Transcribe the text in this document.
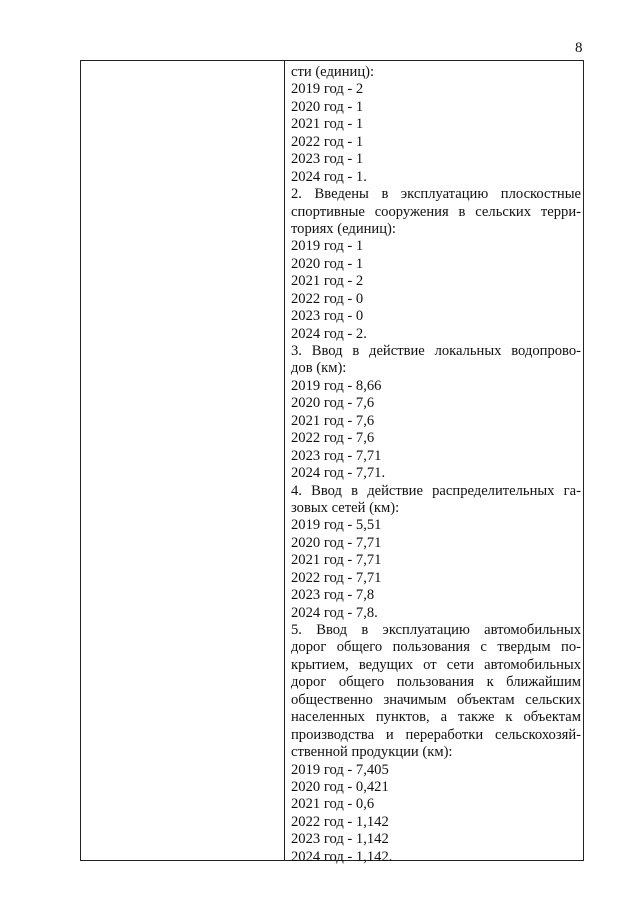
8
сти (единиц):
2019 год - 2
2020 год - 1
2021 год - 1
2022 год - 1
2023 год - 1
2024 год - 1.
2. Введены в эксплуатацию плоскостные
спортивные сооружения в сельских терри-
ториях (единиц):
2019 год - 1
2020 год - 1
2021 год - 2
2022 год - 0
2023 год - 0
2024 год - 2.
3. Ввод в действие локальных водопрово-
дов (км):
2019 год - 8,66
2020 год - 7,6
2021 год - 7,6
2022 год - 7,6
2023 год - 7,71
2024 год - 7,71.
4. Ввод в действие распределительных га-
зовых сетей (км):
2019 год - 5,51
2020 год - 7,71
2021 год - 7,71
2022 год - 7,71
2023 год - 7,8
2024 год - 7,8.
5. Ввод в эксплуатацию автомобильных
дорог общего пользования с твердым по-
крытием, ведущих от сети автомобильных
дорог общего пользования к ближайшим
общественно значимым объектам сельских
населенных пунктов, а также к объектам
производства и переработки сельскохозяй-
ственной продукции (км):
2019 год - 7,405
2020 год - 0,421
2021 год - 0,6
2022 год - 1,142
2023 год - 1,142
2024 год - 1,142.
